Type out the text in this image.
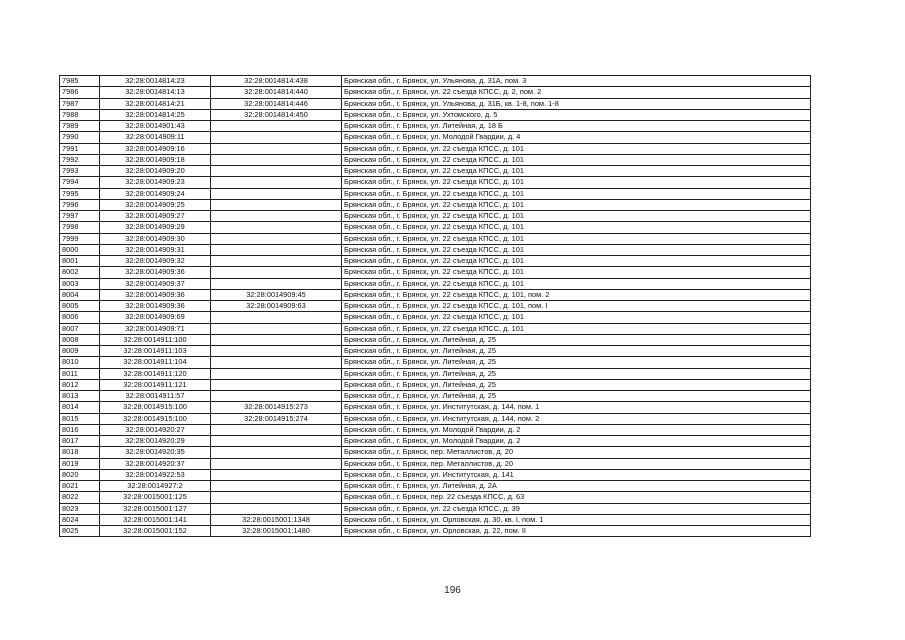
7985	32:28:0014814:23	32:28:0014814:438	Брянская обл., г. Брянск, ул. Ульянова, д. 31А, пом. 3
7986	32:28:0014814:13	32:28:0014814:440	Брянская обл., г. Брянск, ул. 22 съезда КПСС, д. 2, пом. 2
7987	32:28:0014814:21	32:28:0014814:446	Брянская обл., г. Брянск, ул. Ульянова, д. 31Б, кв. 1-8, пом. 1-8
7988	32:28:0014814:25	32:28:0014814:450	Брянская обл., г. Брянск, ул. Ухтомского, д. 5
7989	32:28:0014901:43		Брянская обл., г. Брянск, ул. Литейная, д. 18 Б
7990	32:28:0014909:11		Брянская обл., г. Брянск, ул. Молодой Гвардии, д. 4
7991	32:28:0014909:16		Брянская обл., г. Брянск, ул. 22 съезда КПСС, д. 101
7992	32:28:0014909:18		Брянская обл., г. Брянск, ул. 22 съезда КПСС, д. 101
7993	32:28:0014909:20		Брянская обл., г. Брянск, ул. 22 съезда КПСС, д. 101
7994	32:28:0014909:23		Брянская обл., г. Брянск, ул. 22 съезда КПСС, д. 101
7995	32:28:0014909:24		Брянская обл., г. Брянск, ул. 22 съезда КПСС, д. 101
7996	32:28:0014909:25		Брянская обл., г. Брянск, ул. 22 съезда КПСС, д. 101
7997	32:28:0014909:27		Брянская обл., г. Брянск, ул. 22 съезда КПСС, д. 101
7998	32:28:0014909:29		Брянская обл., г. Брянск, ул. 22 съезда КПСС, д. 101
7999	32:28:0014909:30		Брянская обл., г. Брянск, ул. 22 съезда КПСС, д. 101
8000	32:28:0014909:31		Брянская обл., г. Брянск, ул. 22 съезда КПСС, д. 101
8001	32:28:0014909:32		Брянская обл., г. Брянск, ул. 22 съезда КПСС, д. 101
8002	32:28:0014909:36		Брянская обл., г. Брянск, ул. 22 съезда КПСС, д. 101
8003	32:28:0014909:37		Брянская обл., г. Брянск, ул. 22 съезда КПСС, д. 101
8004	32:28:0014909:36	32:28:0014909:45	Брянская обл., г. Брянск, ул. 22 съезда КПСС, д. 101, пом. 2
8005	32:28:0014909:36	32:28:0014909:63	Брянская обл., г. Брянск, ул. 22 съезда КПСС, д. 101, пом. I
8006	32:28:0014909:69		Брянская обл., г. Брянск, ул. 22 съезда КПСС, д. 101
8007	32:28:0014909:71		Брянская обл., г. Брянск, ул. 22 съезда КПСС, д. 101
8008	32:28:0014911:100		Брянская обл., г. Брянск, ул. Литейная, д. 25
8009	32:28:0014911:103		Брянская обл., г. Брянск, ул. Литейная, д. 25
8010	32:28:0014911:104		Брянская обл., г. Брянск, ул. Литейная, д. 25
8011	32:28:0014911:120		Брянская обл., г. Брянск, ул. Литейная, д. 25
8012	32:28:0014911:121		Брянская обл., г. Брянск, ул. Литейная, д. 25
8013	32:28:0014911:57		Брянская обл., г. Брянск, ул. Литейная, д. 25
8014	32:28:0014915:100	32:28:0014915:273	Брянская обл., г. Брянск, ул. Институтская, д. 144, пом. 1
8015	32:28:0014915:100	32:28:0014915:274	Брянская обл., г. Брянск, ул. Институтская, д. 144, пом. 2
8016	32:28:0014920:27		Брянская обл., г. Брянск, ул. Молодой Гвардии, д. 2
8017	32:28:0014920:29		Брянская обл., г. Брянск, ул. Молодой Гвардии, д. 2
8018	32:28:0014920:35		Брянская обл., г. Брянск, пер. Металлистов, д. 20
8019	32:28:0014920:37		Брянская обл., г. Брянск, пер. Металлистов, д. 20
8020	32:28:0014922:53		Брянская обл., г. Брянск, ул. Институтская, д. 141
8021	32:28:0014927:2		Брянская обл., г. Брянск, ул. Литейная, д. 2А
8022	32:28:0015001:125		Брянская обл., г. Брянск, пер. 22 съезда КПСС, д. 63
8023	32:28:0015001:127		Брянская обл., г. Брянск, ул. 22 съезда КПСС, д. 39
8024	32:28:0015001:141	32:28:0015001:1348	Брянская обл., г. Брянск, ул. Орловская, д. 30, кв. I, пом. 1
8025	32:28:0015001:152	32:28:0015001:1480	Брянская обл., г. Брянск, ул. Орловская, д. 22, пом. II
196
